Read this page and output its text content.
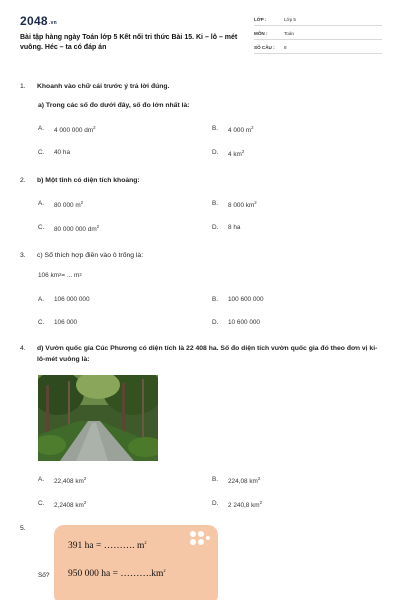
$2048_{.vn}$
Bài tập hàng ngày Toán lớp 5 Kết nối tri thức Bài 15. Ki – lô – mét vuông. Héc – ta có đáp án
LỚP :	Lớp 5
MÔN :	Toán
SỐ CÂU :	8
1. Khoanh vào chữ cái trước ý trả lời đúng.
a) Trong các số đo dưới đây, số đo lớn nhất là:
A.	4 000 000 $dm^2$	B.	4 000 $m^2$
C.	40 ha	D.	4 $km^2$
2. b) Một tỉnh có diện tích khoảng:
A.	80 000 $m^2$	B.	8 000 $km^2$
C.	80 000 000 $dm^2$	D.	8 ha
3. c) Số thích hợp điền vào ô trống là:
106 km 2 = ... m 2
A.	106 000 000	B.	100 600 000
C.	106 000	D.	10 600 000
4.	d) Vườn quốc gia Cúc Phương có diện tích là 22 408 ha. Số đo diện tích vườn quốc gia đó theo đơn vị ki-lô-mét vuông là:
A.	22,408 $km^2$	B.	224,08 $km^2$
C.	2,2408 $km^2$	D.	2 240,8 $km^2$
5.
Số?
391 ha = ………. $m^2$
950 000 ha = $\dots\dots\dots.km^2$
